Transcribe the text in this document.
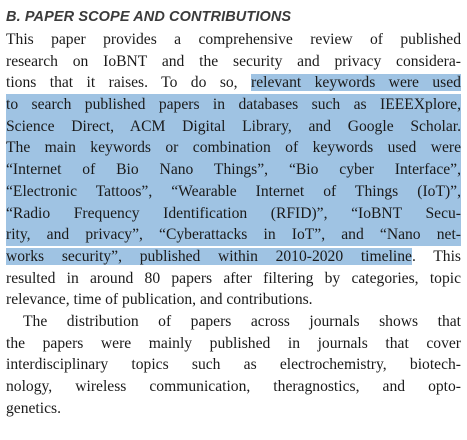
B. PAPER SCOPE AND CONTRIBUTIONS
This paper provides a comprehensive review of published
research on IoBNT and the security and privacy considera-
tions that it raises. To do so, relevant keywords were used
to search published papers in databases such as IEEEXplore,
Science Direct, ACM Digital Library, and Google Scholar.
The main keywords or combination of keywords used were
“Internet of Bio Nano Things”, “Bio cyber Interface”,
“Electronic Tattoos”, “Wearable Internet of Things (IoT)”,
“Radio Frequency Identification (RFID)”, “IoBNT Secu-
rity, and privacy”, “Cyberattacks in IoT”, and “Nano net-
works security”, published within 2010-2020 timeline. This
resulted in around 80 papers after filtering by categories, topic
relevance, time of publication, and contributions.
The distribution of papers across journals shows that
the papers were mainly published in journals that cover
interdisciplinary topics such as electrochemistry, biotech-
nology, wireless communication, theragnostics, and opto-
genetics.
